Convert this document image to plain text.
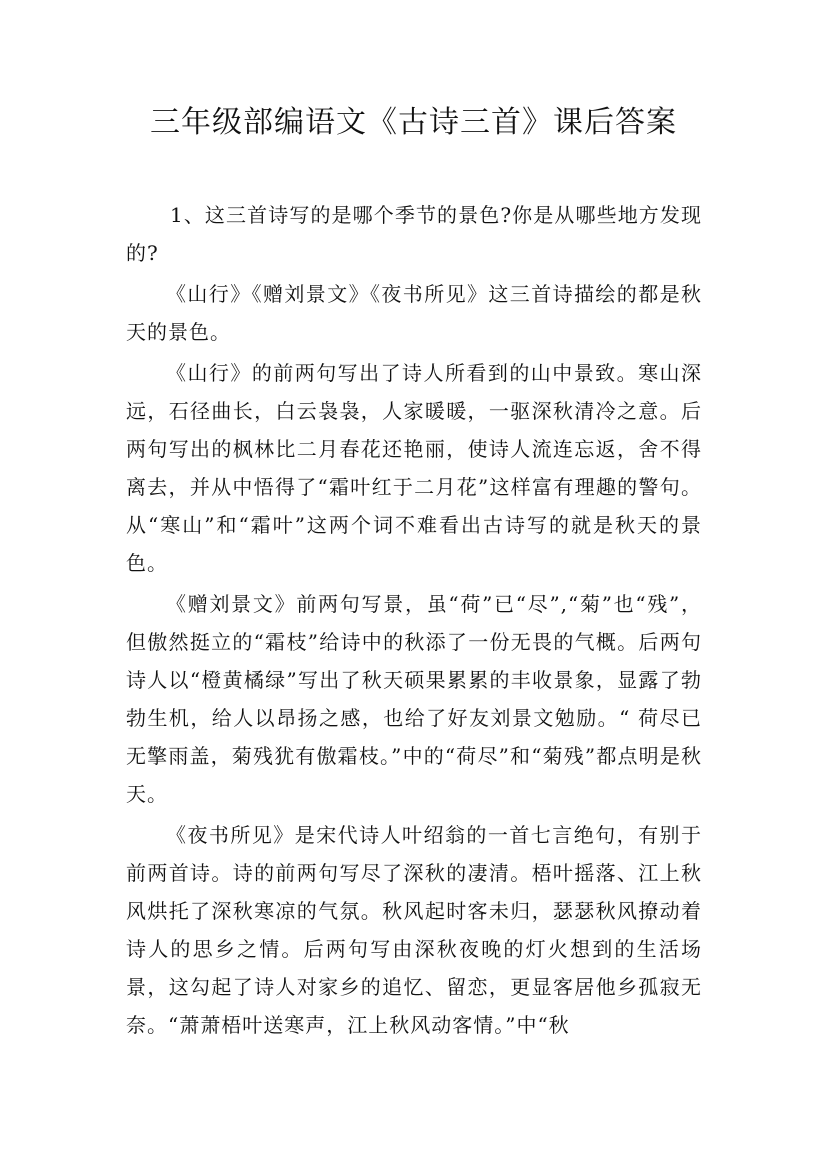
三年级部编语文《古诗三首》课后答案

1、这三首诗写的是哪个季节的景色?你是从哪些地方发现的?

《山行》《赠刘景文》《夜书所见》这三首诗描绘的都是秋天的景色。

《山行》的前两句写出了诗人所看到的山中景致。寒山深远，石径曲长，白云袅袅，人家暖暖，一驱深秋清冷之意。后两句写出的枫林比二月春花还艳丽，使诗人流连忘返，舍不得离去，并从中悟得了“霜叶红于二月花”这样富有理趣的警句。从“寒山”和“霜叶”这两个词不难看出古诗写的就是秋天的景色。

《赠刘景文》前两句写景，虽“荷”已“尽”,“菊”也“残”，但傲然挺立的“霜枝”给诗中的秋添了一份无畏的气概。后两句诗人以“橙黄橘绿”写出了秋天硕果累累的丰收景象，显露了勃勃生机，给人以昂扬之感，也给了好友刘景文勉励。“ 荷尽已无擎雨盖，菊残犹有傲霜枝。”中的“荷尽”和“菊残”都点明是秋天。

《夜书所见》是宋代诗人叶绍翁的一首七言绝句，有别于前两首诗。诗的前两句写尽了深秋的凄清。梧叶摇落、江上秋风烘托了深秋寒凉的气氛。秋风起时客未归，瑟瑟秋风撩动着诗人的思乡之情。后两句写由深秋夜晚的灯火想到的生活场景，这勾起了诗人对家乡的追忆、留恋，更显客居他乡孤寂无奈。“萧萧梧叶送寒声，江上秋风动客情。”中“秋
